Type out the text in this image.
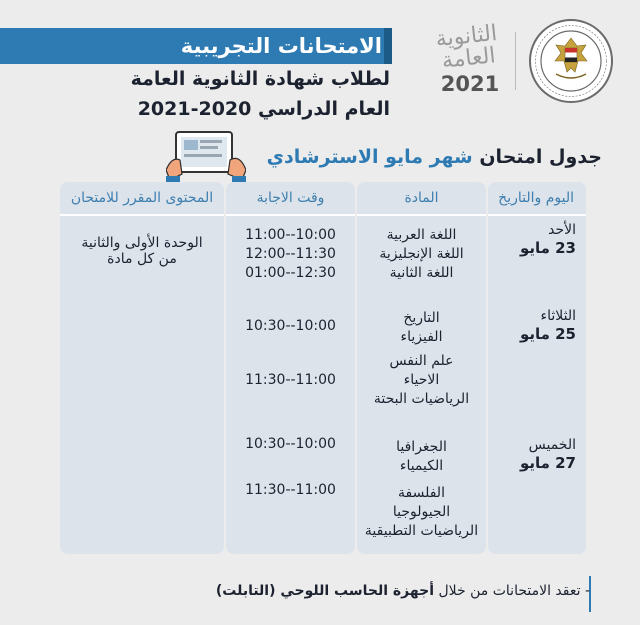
الامتحانات التجريبية
لطلاب شهادة الثانوية العامة
العام الدراسي 2020-2021
الثانوية العامة
2021
جدول امتحان شهر مايو الاسترشادي
اليوم والتاريخ
الأحد
23 مايو
الثلاثاء
25 مايو
الخميس
27 مايو
المادة
اللغة العربية
اللغة الإنجليزية
اللغة الثانية
التاريخ
الفيزياء
علم النفس
الاحياء
الرياضيات البحتة
الجغرافيا
الكيمياء
الفلسفة
الجيولوجيا
الرياضيات التطبيقية
وقت الاجابة
11:00--10:00
12:00--11:30
01:00--12:30
10:30--10:00
11:30--11:00
10:30--10:00
11:30--11:00
المحتوى المقرر للامتحان
الوحدة الأولى والثانية
من كل مادة
- تعقد الامتحانات من خلال أجهزة الحاسب اللوحي (التابلت)
